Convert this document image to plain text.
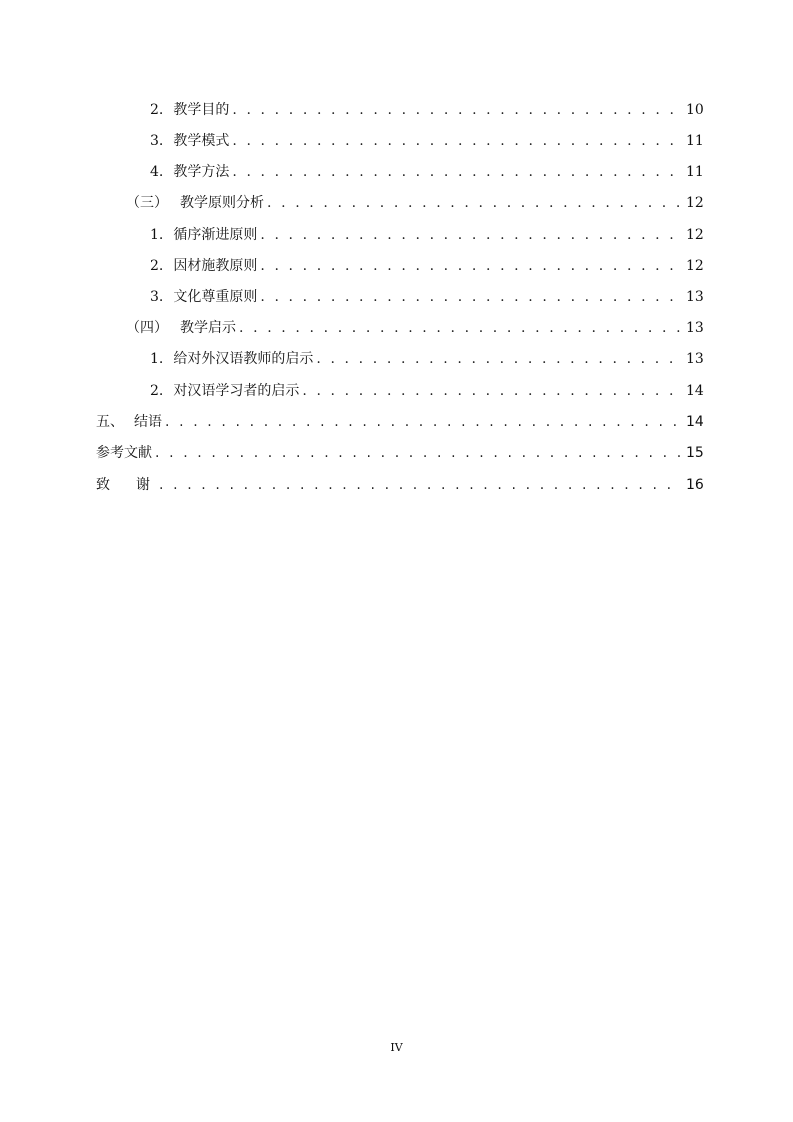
2. 教学目的 . . .	10
3. 教学模式 . . .	11
4. 教学方法 . . .	11
（三） 教学原则分析 . . .	12
1. 循序渐进原则 . . .	12
2. 因材施教原则 . . .	12
3. 文化尊重原则 . . .	13
（四） 教学启示 . . .	13
1. 给对外汉语教师的启示 . . .	13
2. 对汉语学习者的启示 . . .	14
五、 结语 . . .	14
参考文献 . . .	15
致　谢 . . .	16
IV
